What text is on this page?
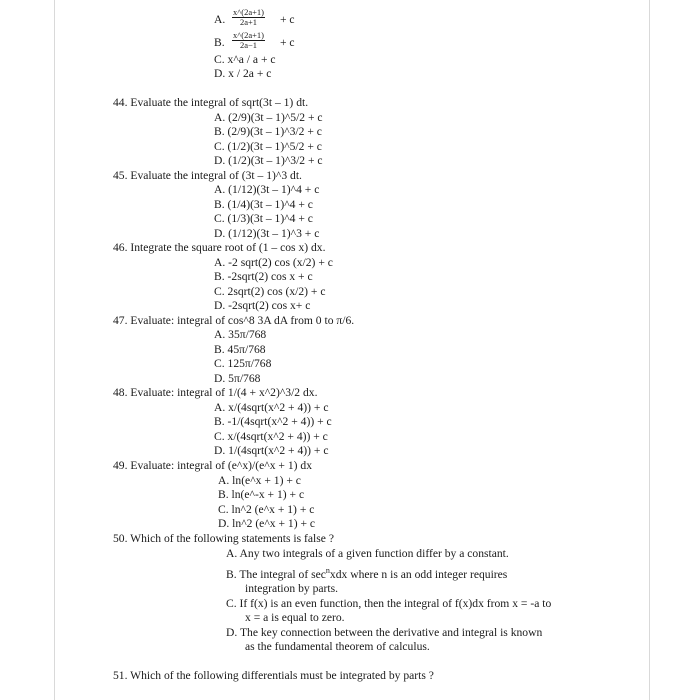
A. $\frac{x\^{}(2a+1)}{2a+1} + c$
B. $\frac{x\^{}(2a+1)}{2a-1} + c$
C. x^a / a + c
D. x / 2a + c
44. Evaluate the integral of sqrt(3t – 1) dt.
A. (2/9)(3t – 1)^5/2 + c
B. (2/9)(3t – 1)^3/2 + c
C. (1/2)(3t – 1)^5/2 + c
D. (1/2)(3t – 1)^3/2 + c
45. Evaluate the integral of (3t – 1)^3 dt.
A. (1/12)(3t – 1)^4 + c
B. (1/4)(3t – 1)^4 + c
C. (1/3)(3t – 1)^4 + c
D. (1/12)(3t – 1)^3 + c
46. Integrate the square root of (1 – cos x) dx.
A. -2 sqrt(2) cos (x/2) + c
B. -2sqrt(2) cos x + c
C. 2sqrt(2) cos (x/2) + c
D. -2sqrt(2) cos x+ c
47. Evaluate: integral of cos^8 3A dA from 0 to π/6.
A. 35π/768
B. 45π/768
C. 125π/768
D. 5π/768
48. Evaluate: integral of 1/(4 + x^2)^3/2 dx.
A. x/(4sqrt(x^2 + 4)) + c
B. -1/(4sqrt(x^2 + 4)) + c
C. x/(4sqrt(x^2 + 4)) + c
D. 1/(4sqrt(x^2 + 4)) + c
49. Evaluate: integral of (e^x)/(e^x + 1) dx
A. ln(e^x + 1) + c
B. ln(e^-x + 1) + c
C. ln^2 (e^x + 1) + c
D. ln^2 (e^x + 1) + c
50. Which of the following statements is false ?
A. Any two integrals of a given function differ by a constant.
B. The integral of $\sec^nxdx$ where n is an odd integer requires
integration by parts.
C. If f(x) is an even function, then the integral of f(x)dx from x = -a to
x = a is equal to zero.
D. The key connection between the derivative and integral is known
as the fundamental theorem of calculus.
51. Which of the following differentials must be integrated by parts ?
